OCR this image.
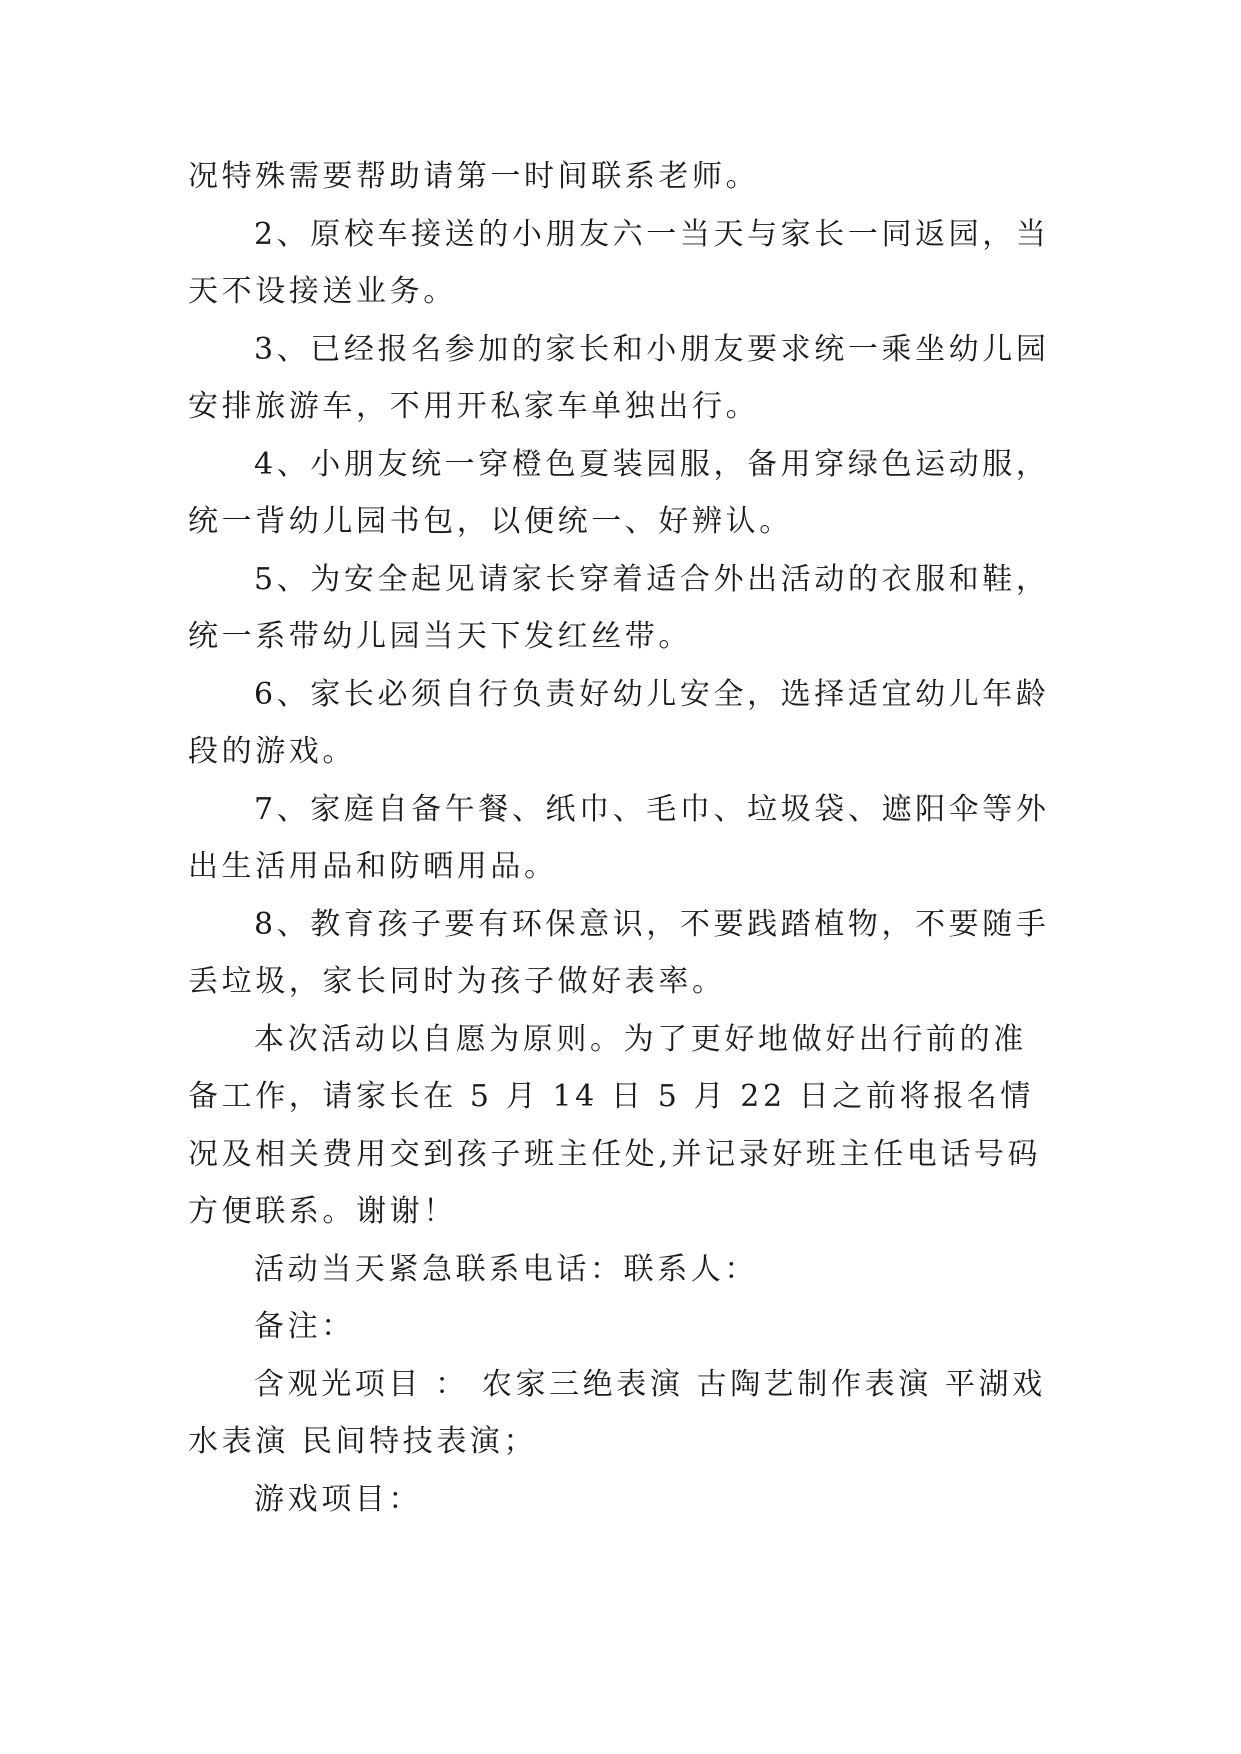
况特殊需要帮助请第一时间联系老师。

2、原校车接送的小朋友六一当天与家长一同返园，当天不设接送业务。

3、已经报名参加的家长和小朋友要求统一乘坐幼儿园安排旅游车，不用开私家车单独出行。

4、小朋友统一穿橙色夏装园服，备用穿绿色运动服，统一背幼儿园书包，以便统一、好辨认。

5、为安全起见请家长穿着适合外出活动的衣服和鞋，统一系带幼儿园当天下发红丝带。

6、家长必须自行负责好幼儿安全，选择适宜幼儿年龄段的游戏。

7、家庭自备午餐、纸巾、毛巾、垃圾袋、遮阳伞等外出生活用品和防晒用品。

8、教育孩子要有环保意识，不要践踏植物，不要随手丢垃圾，家长同时为孩子做好表率。

本次活动以自愿为原则。为了更好地做好出行前的准备工作，请家长在 5 月 14 日 5 月 22 日之前将报名情况及相关费用交到孩子班主任处,并记录好班主任电话号码方便联系。谢谢！

活动当天紧急联系电话：联系人：

备注：

含观光项目 ： 农家三绝表演 古陶艺制作表演 平湖戏水表演 民间特技表演；

游戏项目：
